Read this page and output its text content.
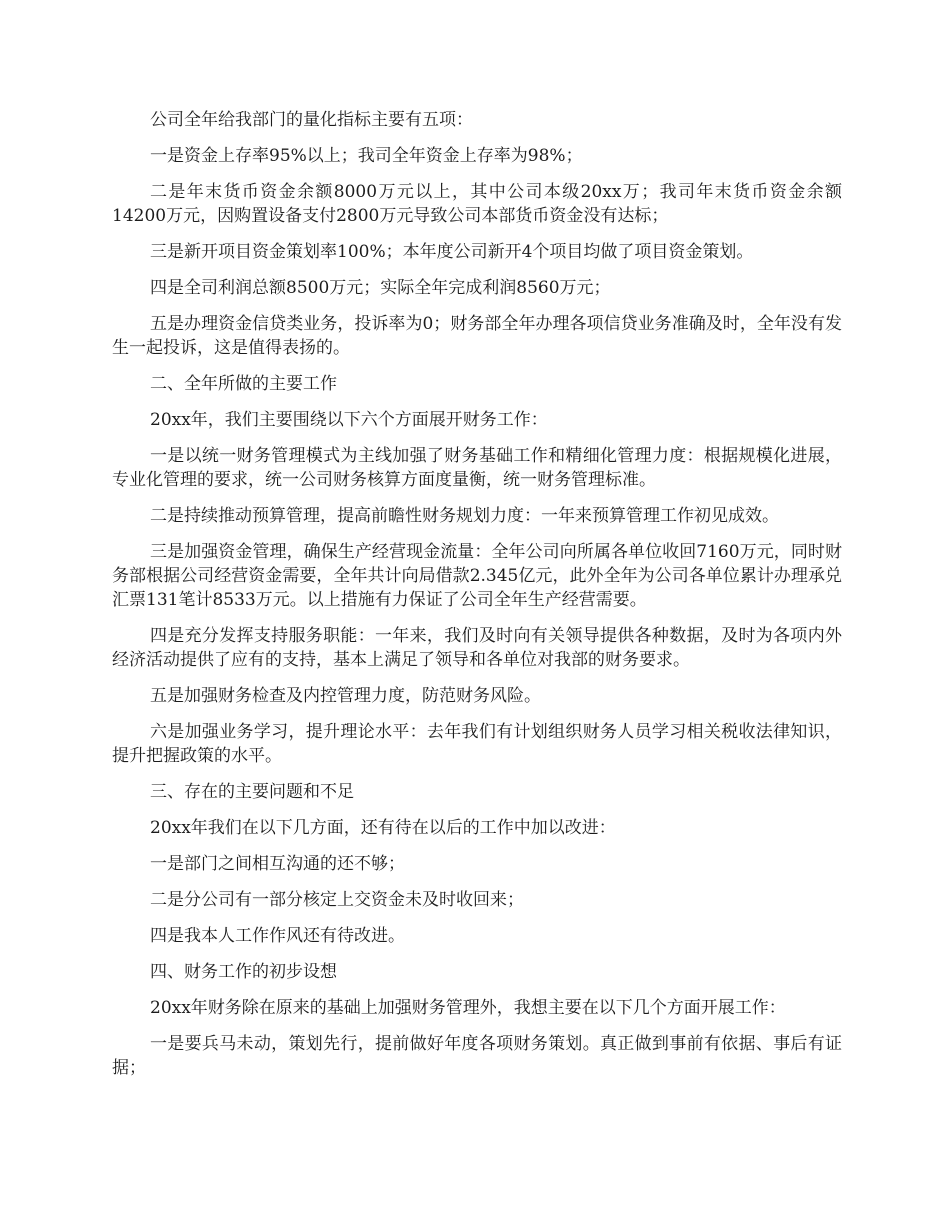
公司全年给我部门的量化指标主要有五项：

一是资金上存率95%以上；我司全年资金上存率为98%；

二是年末货币资金余额8000万元以上，其中公司本级20xx万；我司年末货币资金余额14200万元，因购置设备支付2800万元导致公司本部货币资金没有达标；

三是新开项目资金策划率100%；本年度公司新开4个项目均做了项目资金策划。

四是全司利润总额8500万元；实际全年完成利润8560万元；

五是办理资金信贷类业务，投诉率为0；财务部全年办理各项信贷业务准确及时，全年没有发生一起投诉，这是值得表扬的。

二、全年所做的主要工作

20xx年，我们主要围绕以下六个方面展开财务工作：

一是以统一财务管理模式为主线加强了财务基础工作和精细化管理力度：根据规模化进展，专业化管理的要求，统一公司财务核算方面度量衡，统一财务管理标准。

二是持续推动预算管理，提高前瞻性财务规划力度：一年来预算管理工作初见成效。

三是加强资金管理，确保生产经营现金流量：全年公司向所属各单位收回7160万元，同时财务部根据公司经营资金需要，全年共计向局借款2.345亿元，此外全年为公司各单位累计办理承兑汇票131笔计8533万元。以上措施有力保证了公司全年生产经营需要。

四是充分发挥支持服务职能：一年来，我们及时向有关领导提供各种数据，及时为各项内外经济活动提供了应有的支持，基本上满足了领导和各单位对我部的财务要求。

五是加强财务检查及内控管理力度，防范财务风险。

六是加强业务学习，提升理论水平：去年我们有计划组织财务人员学习相关税收法律知识，提升把握政策的水平。

三、存在的主要问题和不足

20xx年我们在以下几方面，还有待在以后的工作中加以改进：

一是部门之间相互沟通的还不够；

二是分公司有一部分核定上交资金未及时收回来；

四是我本人工作作风还有待改进。

四、财务工作的初步设想

20xx年财务除在原来的基础上加强财务管理外，我想主要在以下几个方面开展工作：

一是要兵马未动，策划先行，提前做好年度各项财务策划。真正做到事前有依据、事后有证据；
